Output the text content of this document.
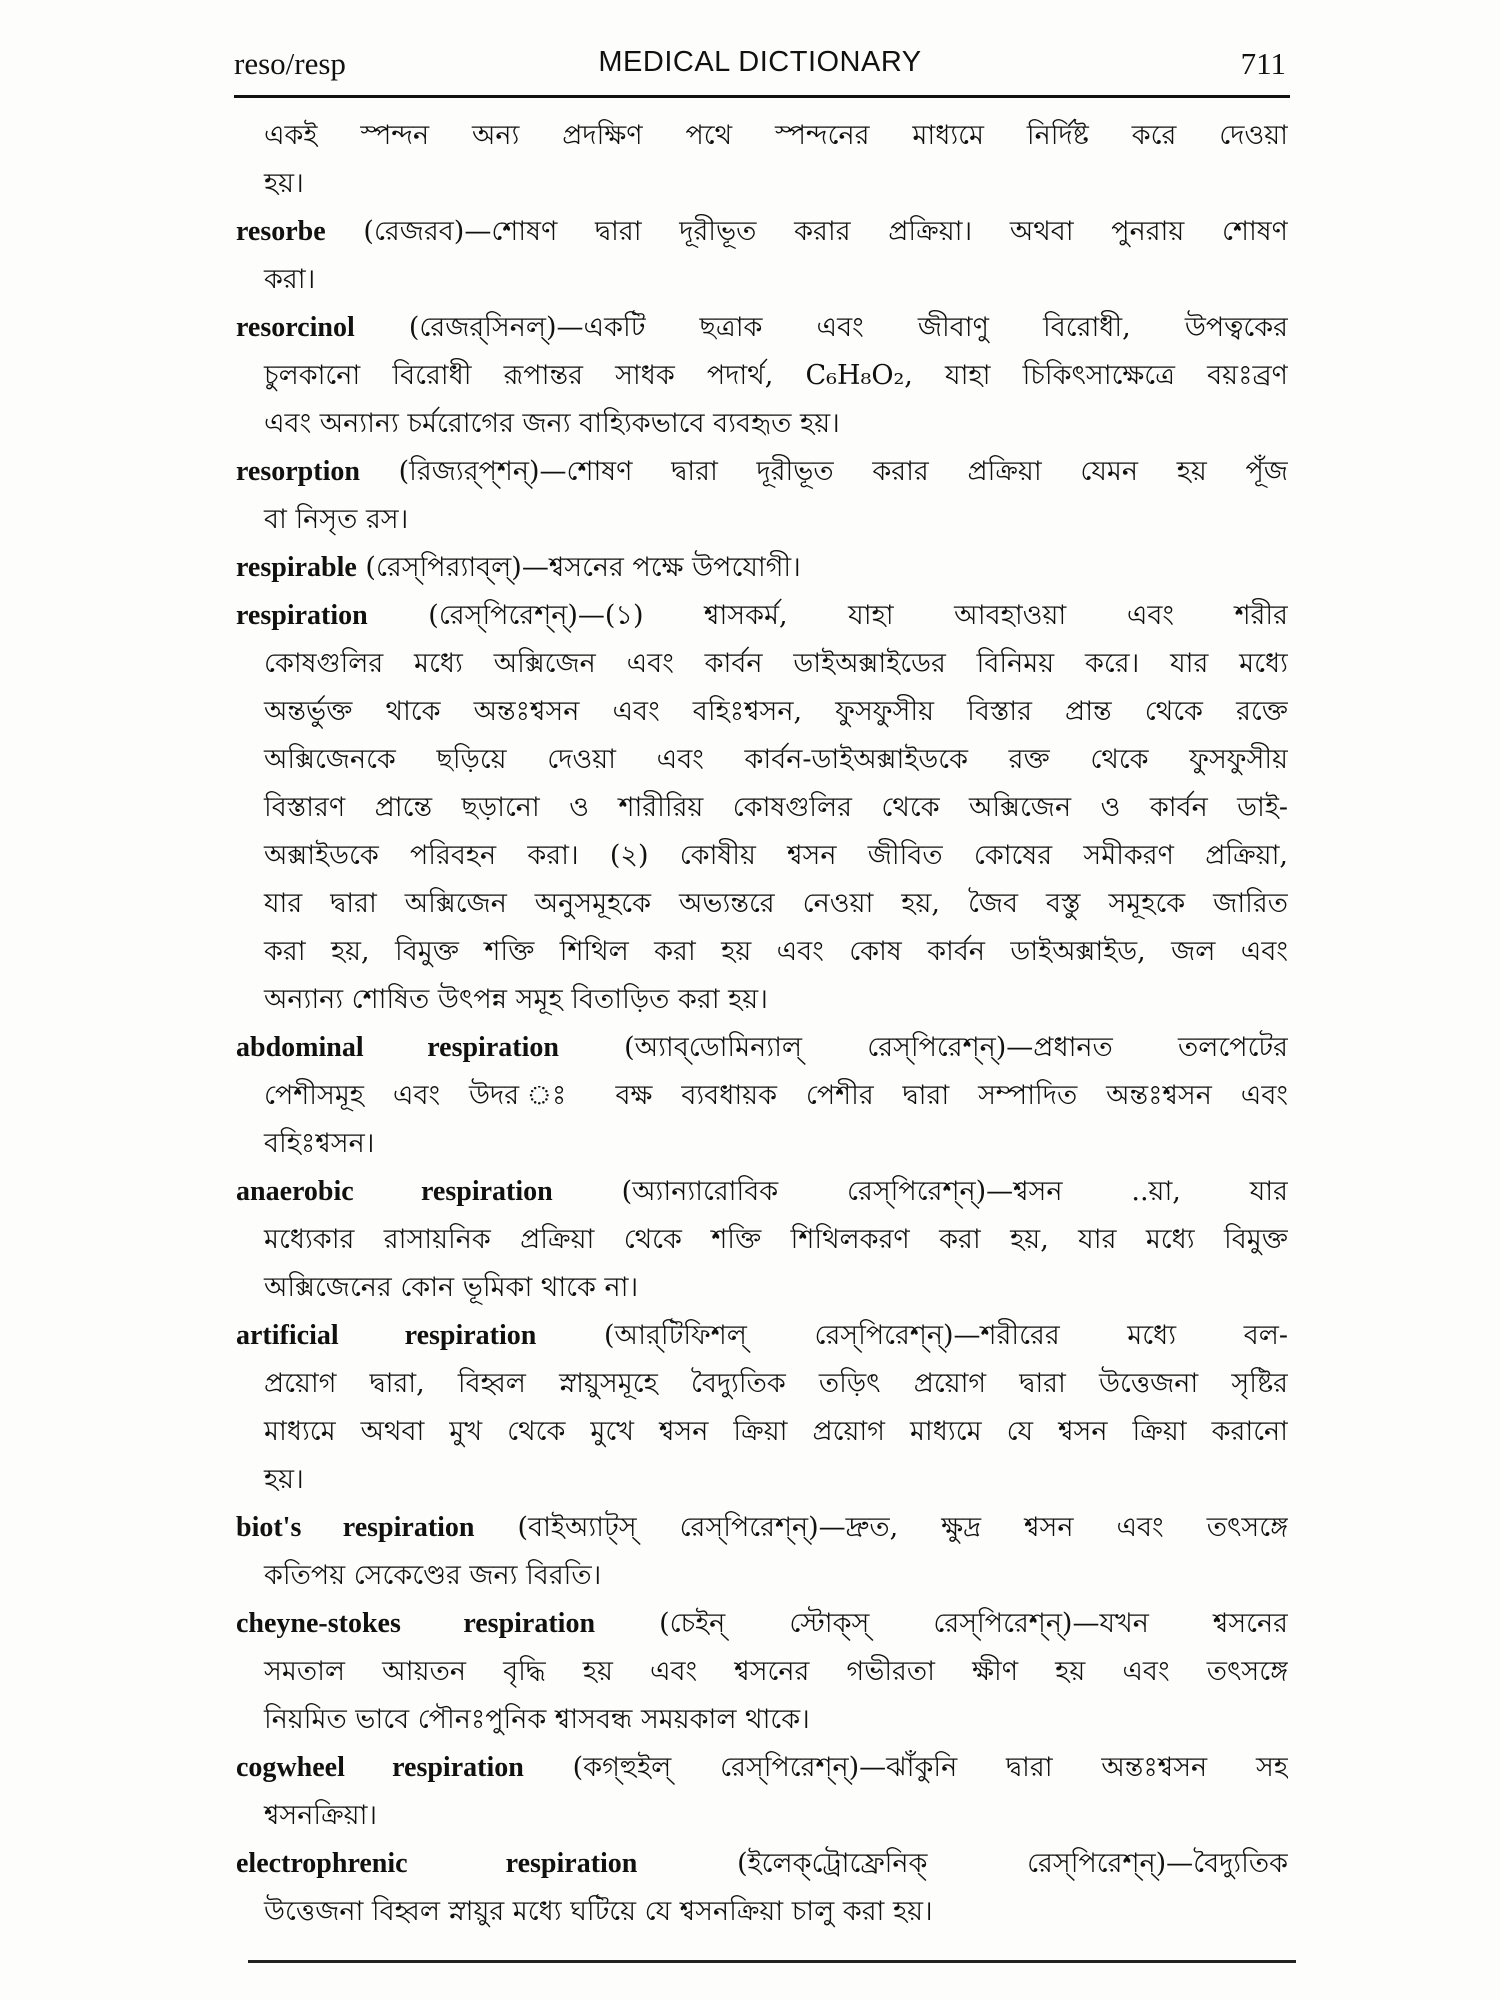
reso/resp	MEDICAL DICTIONARY	711
একই স্পন্দন অন্য প্রদক্ষিণ পথে স্পন্দনের মাধ্যমে নির্দিষ্ট করে দেওয়া
হয়।
resorbe (রেজরব)—শোষণ দ্বারা দূরীভূত করার প্রক্রিয়া। অথবা পুনরায় শোষণ
করা।
resorcinol (রেজর্‌সিনল্‌)—একটি ছত্রাক এবং জীবাণু বিরোধী, উপত্বকের
চুলকানো বিরোধী রূপান্তর সাধক পদার্থ, C₆H₈O₂, যাহা চিকিৎসাক্ষেত্রে বয়ঃব্রণ
এবং অন্যান্য চর্মরোগের জন্য বাহ্যিকভাবে ব্যবহৃত হয়।
resorption (রিজ্যর্‌প্‌শন্‌)—শোষণ দ্বারা দূরীভূত করার প্রক্রিয়া যেমন হয় পূঁজ
বা নিসৃত রস।
respirable (রেস্‌পির‍্যাব্‌ল্‌)—শ্বসনের পক্ষে উপযোগী।
respiration (রেস্‌পিরেশ্‌ন্‌)—(১) শ্বাসকর্ম, যাহা আবহাওয়া এবং শরীর
কোষগুলির মধ্যে অক্সিজেন এবং কার্বন ডাইঅক্সাইডের বিনিময় করে। যার মধ্যে
অন্তর্ভুক্ত থাকে অন্তঃশ্বসন এবং বহিঃশ্বসন, ফুসফুসীয় বিস্তার প্রান্ত থেকে রক্তে
অক্সিজেনকে ছড়িয়ে দেওয়া এবং কার্বন-ডাইঅক্সাইডকে রক্ত থেকে ফুসফুসীয়
বিস্তারণ প্রান্তে ছড়ানো ও শারীরিয় কোষগুলির থেকে অক্সিজেন ও কার্বন ডাই-
অক্সাইডকে পরিবহন করা। (২) কোষীয় শ্বসন জীবিত কোষের সমীকরণ প্রক্রিয়া,
যার দ্বারা অক্সিজেন অনুসমূহকে অভ্যন্তরে নেওয়া হয়, জৈব বস্তু সমূহকে জারিত
করা হয়, বিমুক্ত শক্তি শিথিল করা হয় এবং কোষ কার্বন ডাইঅক্সাইড, জল এবং
অন্যান্য শোষিত উৎপন্ন সমূহ বিতাড়িত করা হয়।
abdominal respiration (অ্যাব্‌ডোমিন্যাল্‌ রেস্‌পিরেশ্‌ন্‌)—প্রধানত তলপেটের
পেশীসমূহ এবং উদর ঃ বক্ষ ব্যবধায়ক পেশীর দ্বারা সম্পাদিত অন্তঃশ্বসন এবং
বহিঃশ্বসন।
anaerobic respiration	(অ্যান্যারোবিক রেস্‌পিরেশ্‌ন্‌)—শ্বসন ..য়া, যার
মধ্যেকার রাসায়নিক প্রক্রিয়া থেকে শক্তি শিথিলকরণ করা হয়, যার মধ্যে বিমুক্ত
অক্সিজেনের কোন ভূমিকা থাকে না।
artificial respiration	(আর্‌টিফিশল্‌ রেস্‌পিরেশ্‌ন্‌)—শরীরের মধ্যে বল-
প্রয়োগ দ্বারা, বিহ্বল স্নায়ুসমূহে বৈদ্যুতিক তড়িৎ প্রয়োগ দ্বারা উত্তেজনা সৃষ্টির
মাধ্যমে অথবা মুখ থেকে মুখে শ্বসন ক্রিয়া প্রয়োগ মাধ্যমে যে শ্বসন ক্রিয়া করানো
হয়।
biot's respiration (বাইঅ্যাট্‌স্‌ রেস্‌পিরেশ্‌ন্‌)—দ্রুত, ক্ষুদ্র শ্বসন এবং তৎসঙ্গে
কতিপয় সেকেণ্ডের জন্য বিরতি।
cheyne-stokes respiration (চেইন্‌ স্টোক্‌স্‌ রেস্‌পিরেশ্‌ন্‌)—যখন শ্বসনের
সমতাল আয়তন বৃদ্ধি হয় এবং শ্বসনের গভীরতা ক্ষীণ হয় এবং তৎসঙ্গে
নিয়মিত ভাবে পৌনঃপুনিক শ্বাসবন্ধ সময়কাল থাকে।
cogwheel respiration (কগ্‌হুইল্‌ রেস্‌পিরেশ্‌ন্‌)—ঝাঁকুনি দ্বারা অন্তঃশ্বসন সহ
শ্বসনক্রিয়া।
electrophrenic respiration	(ইলেক্‌ট্রোফ্রেনিক্‌ রেস্‌পিরেশ্‌ন্‌)—বৈদ্যুতিক
উত্তেজনা বিহ্বল স্নায়ুর মধ্যে ঘটিয়ে যে শ্বসনক্রিয়া চালু করা হয়।
